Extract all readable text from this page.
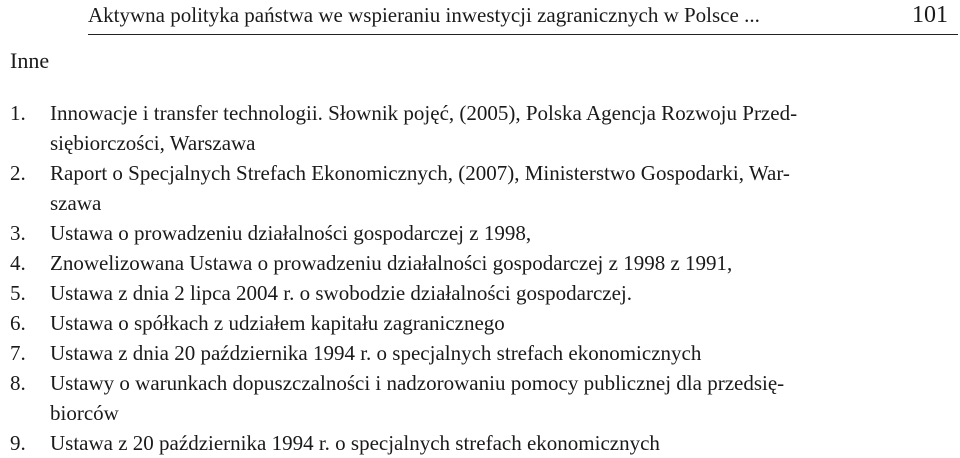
Aktywna polityka państwa we wspieraniu inwestycji zagranicznych w Polsce ...	101
Inne
1. Innowacje i transfer technologii. Słownik pojęć, (2005), Polska Agencja Rozwoju Przed-
siębiorczości, Warszawa
2. Raport o Specjalnych Strefach Ekonomicznych, (2007), Ministerstwo Gospodarki, War-
szawa
3. Ustawa o prowadzeniu działalności gospodarczej z 1998,
4. Znowelizowana Ustawa o prowadzeniu działalności gospodarczej z 1998 z 1991,
5. Ustawa z dnia 2 lipca 2004 r. o swobodzie działalności gospodarczej.
6. Ustawa o spółkach z udziałem kapitału zagranicznego
7. Ustawa z dnia 20 października 1994 r. o specjalnych strefach ekonomicznych
8. Ustawy o warunkach dopuszczalności i nadzorowaniu pomocy publicznej dla przedsię-
biorców
9. Ustawa z 20 października 1994 r. o specjalnych strefach ekonomicznych
